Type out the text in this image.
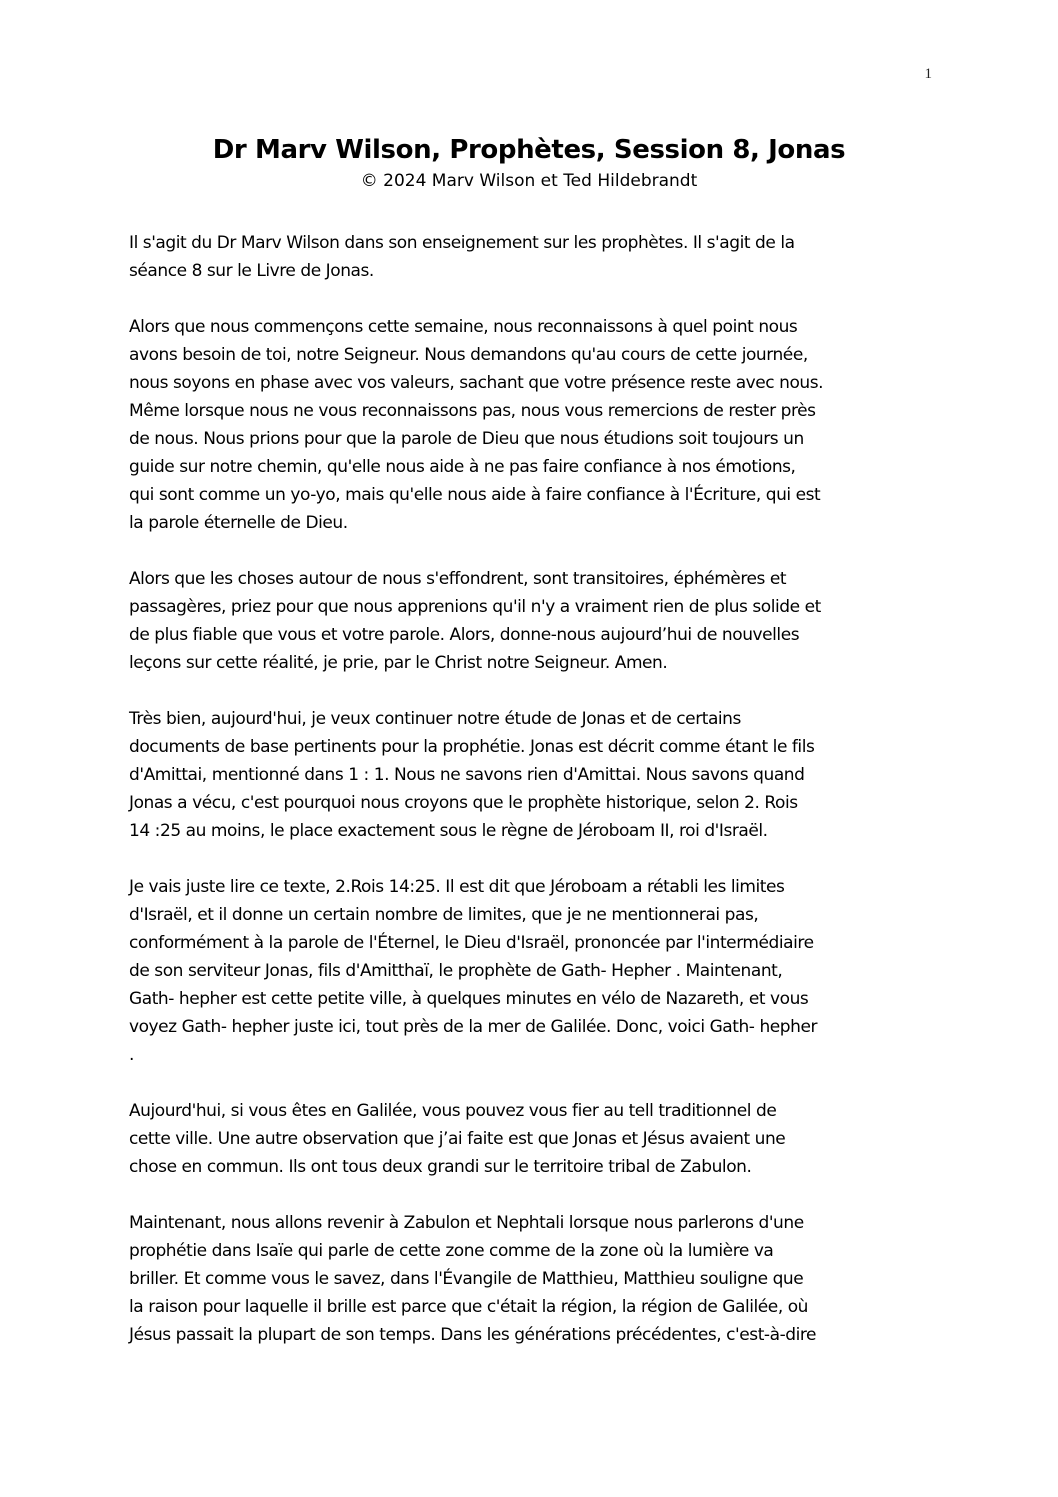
1
Dr Marv Wilson, Prophètes, Session 8, Jonas

© 2024 Marv Wilson et Ted Hildebrandt

Il s'agit du Dr Marv Wilson dans son enseignement sur les prophètes. Il s'agit de la
séance 8 sur le Livre de Jonas.

Alors que nous commençons cette semaine, nous reconnaissons à quel point nous
avons besoin de toi, notre Seigneur. Nous demandons qu'au cours de cette journée,
nous soyons en phase avec vos valeurs, sachant que votre présence reste avec nous.
Même lorsque nous ne vous reconnaissons pas, nous vous remercions de rester près
de nous. Nous prions pour que la parole de Dieu que nous étudions soit toujours un
guide sur notre chemin, qu'elle nous aide à ne pas faire confiance à nos émotions,
qui sont comme un yo-yo, mais qu'elle nous aide à faire confiance à l'Écriture, qui est
la parole éternelle de Dieu.

Alors que les choses autour de nous s'effondrent, sont transitoires, éphémères et
passagères, priez pour que nous apprenions qu'il n'y a vraiment rien de plus solide et
de plus fiable que vous et votre parole. Alors, donne-nous aujourd’hui de nouvelles
leçons sur cette réalité, je prie, par le Christ notre Seigneur. Amen.

Très bien, aujourd'hui, je veux continuer notre étude de Jonas et de certains
documents de base pertinents pour la prophétie. Jonas est décrit comme étant le fils
d'Amittai, mentionné dans 1 : 1. Nous ne savons rien d'Amittai. Nous savons quand
Jonas a vécu, c'est pourquoi nous croyons que le prophète historique, selon 2. Rois
14 :25 au moins, le place exactement sous le règne de Jéroboam II, roi d'Israël.

Je vais juste lire ce texte, 2.Rois 14:25. Il est dit que Jéroboam a rétabli les limites
d'Israël, et il donne un certain nombre de limites, que je ne mentionnerai pas,
conformément à la parole de l'Éternel, le Dieu d'Israël, prononcée par l'intermédiaire
de son serviteur Jonas, fils d'Amitthaï, le prophète de Gath- Hepher . Maintenant,
Gath- hepher est cette petite ville, à quelques minutes en vélo de Nazareth, et vous
voyez Gath- hepher juste ici, tout près de la mer de Galilée. Donc, voici Gath- hepher
.

Aujourd'hui, si vous êtes en Galilée, vous pouvez vous fier au tell traditionnel de
cette ville. Une autre observation que j’ai faite est que Jonas et Jésus avaient une
chose en commun. Ils ont tous deux grandi sur le territoire tribal de Zabulon.

Maintenant, nous allons revenir à Zabulon et Nephtali lorsque nous parlerons d'une
prophétie dans Isaïe qui parle de cette zone comme de la zone où la lumière va
briller. Et comme vous le savez, dans l'Évangile de Matthieu, Matthieu souligne que
la raison pour laquelle il brille est parce que c'était la région, la région de Galilée, où
Jésus passait la plupart de son temps. Dans les générations précédentes, c'est-à-dire
